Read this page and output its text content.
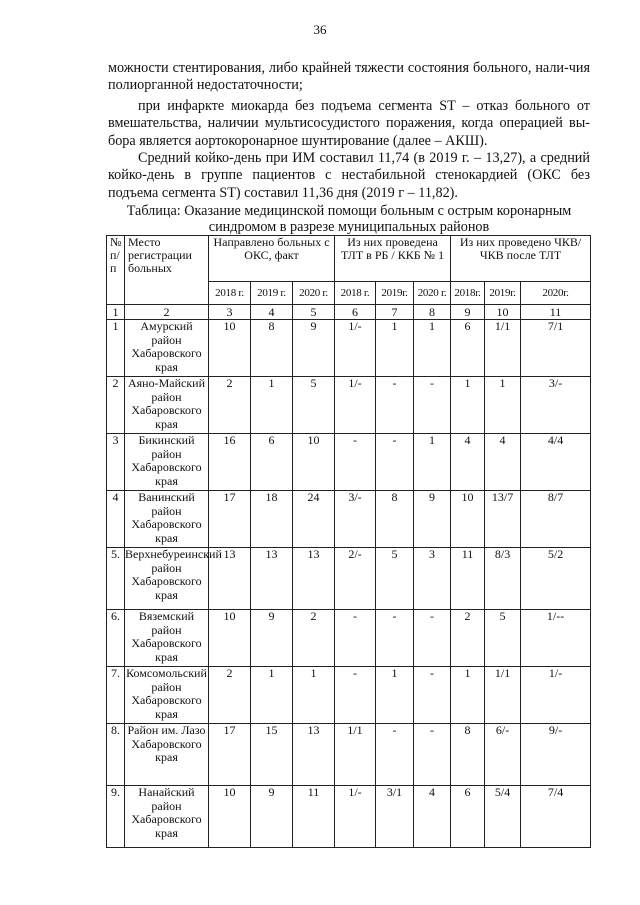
36

можности стентирования, либо крайней тяжести состояния больного, нали-чия полиорганной недостаточности;

при инфаркте миокарда без подъема сегмента ST – отказ больного от вмешательства, наличии мультисосудистого поражения, когда операцией вы-бора является аортокоронарное шунтирование (далее – АКШ).

Средний койко-день при ИМ составил 11,74 (в 2019 г. – 13,27), а средний койко-день в группе пациентов с нестабильной стенокардией (ОКС без подъема сегмента ST) составил 11,36 дня (2019 г – 11,82).

Таблица: Оказание медицинской помощи больным с острым коронарным
синдромом в разрезе муниципальных районов
№ п/п	Место регистрации больных	Направлено больных с ОКС, факт			Из них проведена ТЛТ в РБ / ККБ № 1			Из них проведено ЧКВ/ ЧКВ после ТЛТ		
		2018 г.	2019 г.	2020 г.	2018 г.	2019г.	2020 г.	2018г.	2019г.	2020г.
1	2	3	4	5	6	7	8	9	10	11
1	Амурский район Хабаровского края	10	8	9	1/-	1	1	6	1/1	7/1
2	Аяно-Майский район Хабаровского края	2	1	5	1/-	-	-	1	1	3/-
3	Бикинский район Хабаровского края	16	6	10	-	-	1	4	4	4/4
4	Ванинский район Хабаровского края	17	18	24	3/-	8	9	10	13/7	8/7
5.	Верхнебуреинский район Хабаровского края	13	13	13	2/-	5	3	11	8/3	5/2
6.	Вяземский район Хабаровского края	10	9	2	-	-	-	2	5	1/--
7.	Комсомольский район Хабаровского края	2	1	1	-	1	-	1	1/1	1/-
8.	Район им. Лазо Хабаровского края	17	15	13	1/1	-	-	8	6/-	9/-
9.	Нанайский район Хабаровского края	10	9	11	1/-	3/1	4	6	5/4	7/4
